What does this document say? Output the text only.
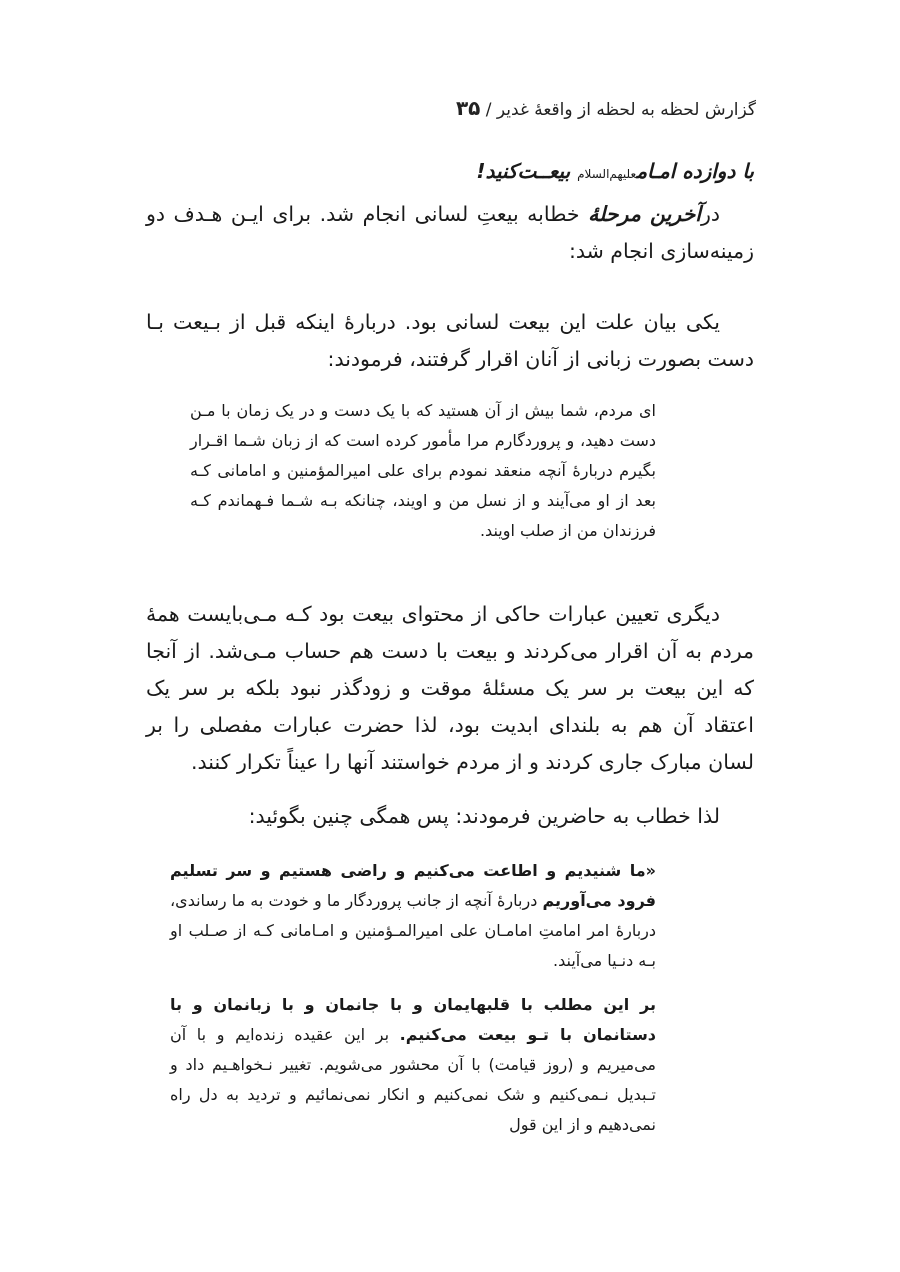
گزارش لحظه به لحظه از واقعهٔ غدیر / ۳۵
با دوازده امـامعلیهم‌السلام بیعــت‌کنید!
درآخرین مرحلهٔ خطابه بیعتِ لسانی انجام شد. برای ایـن هـدف دو زمینه‌سازی انجام شد:
یکی بیان علت این بیعت لسانی بود. دربارهٔ اینکه قبل از بـیعت بـا دست بصورت زبانی از آنان اقرار گرفتند، فرمودند:
ای مردم، شما بیش از آن هستید که با یک دست و در یک زمان با مـن دست دهید، و پروردگارم مرا مأمور کرده است که از زبان شـما اقـرار بگیرم دربارهٔ آنچه منعقد نمودم برای علی امیرالمؤمنین و امامانی کـه بعد از او می‌آیند و از نسل من و اویند، چنانکه بـه شـما فـهماندم کـه فرزندان من از صلب اویند.
دیگری تعیین عبارات حاکی از محتوای بیعت بود کـه مـی‌بایست همهٔ مردم به آن اقرار می‌کردند و بیعت با دست هم حساب مـی‌شد. از آنجا که این بیعت بر سر یک مسئلهٔ موقت و زودگذر نبود بلکه بر سر یک اعتقاد آن هم به بلندای ابدیت بود، لذا حضرت عبارات مفصلی را بر لسان مبارک جاری کردند و از مردم خواستند آنها را عیناً تکرار کنند.
لذا خطاب به حاضرین فرمودند: پس همگی چنین بگوئید:
«ما شنیدیم و اطاعت می‌کنیم و راضی هستیم و سر تسلیم فرود می‌آوریم دربارهٔ آنچه از جانب پروردگار ما و خودت به ما رساندی، دربارهٔ امر امامتِ امامـان علی امیرالمـؤمنین و امـامانی کـه از صـلب او بـه دنـیا می‌آیند.
بر این مطلب با قلبهایمان و با جانمان و با زبانمان و با دستانمان با تـو بیعت می‌کنیم. بر این عقیده زنده‌ایم و با آن می‌میریم و (روز قیامت) با آن محشور می‌شویم. تغییر نـخواهـیم داد و تـبدیل نـمی‌کنیم و شک نمی‌کنیم و انکار نمی‌نمائیم و تردید به دل راه نمی‌دهیم و از این قول
